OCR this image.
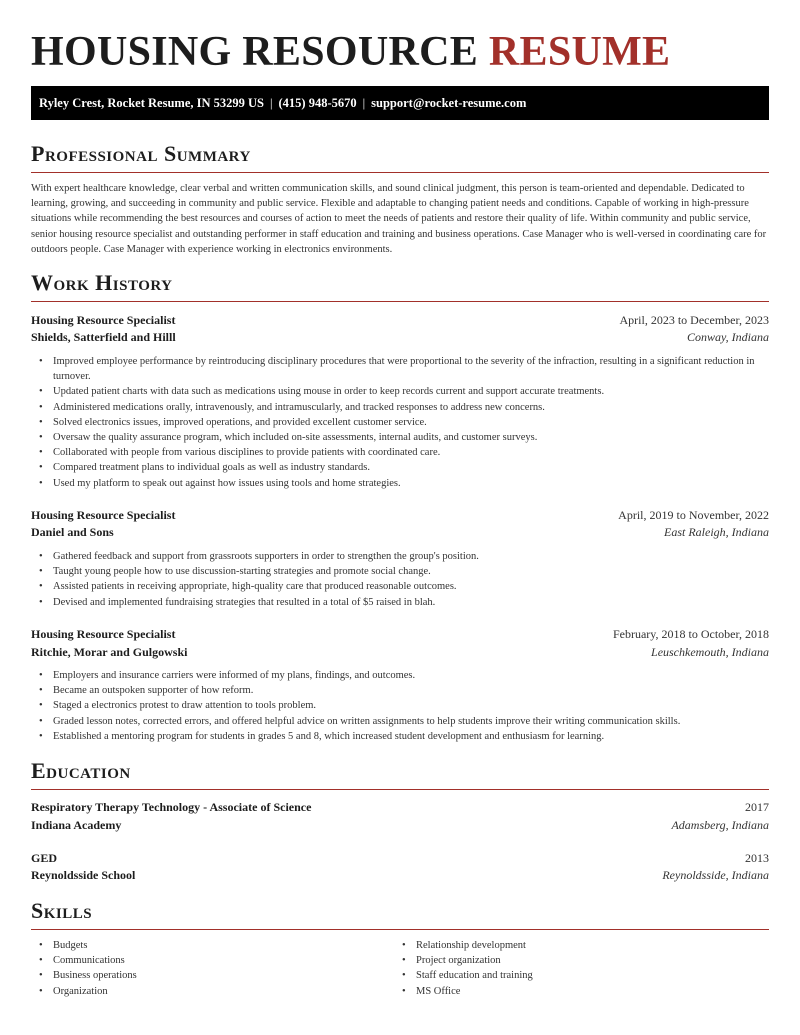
HOUSING RESOURCE RESUME
Ryley Crest, Rocket Resume, IN 53299 US | (415) 948-5670 | support@rocket-resume.com
Professional Summary

With expert healthcare knowledge, clear verbal and written communication skills, and sound clinical judgment, this person is team-oriented and dependable. Dedicated to learning, growing, and succeeding in community and public service. Flexible and adaptable to changing patient needs and conditions. Capable of working in high-pressure situations while recommending the best resources and courses of action to meet the needs of patients and restore their quality of life. Within community and public service, senior housing resource specialist and outstanding performer in staff education and training and business operations. Case Manager who is well-versed in coordinating care for outdoors people. Case Manager with experience working in electronics environments.

Work History
Housing Resource Specialist	April, 2023 to December, 2023
Shields, Satterfield and Hilll	Conway, Indiana
• Improved employee performance by reintroducing disciplinary procedures that were proportional to the severity of the infraction, resulting in a significant reduction in turnover.
• Updated patient charts with data such as medications using mouse in order to keep records current and support accurate treatments.
• Administered medications orally, intravenously, and intramuscularly, and tracked responses to address new concerns.
• Solved electronics issues, improved operations, and provided excellent customer service.
• Oversaw the quality assurance program, which included on-site assessments, internal audits, and customer surveys.
• Collaborated with people from various disciplines to provide patients with coordinated care.
• Compared treatment plans to individual goals as well as industry standards.
• Used my platform to speak out against how issues using tools and home strategies.
Housing Resource Specialist	April, 2019 to November, 2022
Daniel and Sons	East Raleigh, Indiana
• Gathered feedback and support from grassroots supporters in order to strengthen the group's position.
• Taught young people how to use discussion-starting strategies and promote social change.
• Assisted patients in receiving appropriate, high-quality care that produced reasonable outcomes.
• Devised and implemented fundraising strategies that resulted in a total of $5 raised in blah.
Housing Resource Specialist	February, 2018 to October, 2018
Ritchie, Morar and Gulgowski	Leuschkemouth, Indiana
• Employers and insurance carriers were informed of my plans, findings, and outcomes.
• Became an outspoken supporter of how reform.
• Staged a electronics protest to draw attention to tools problem.
• Graded lesson notes, corrected errors, and offered helpful advice on written assignments to help students improve their writing communication skills.
• Established a mentoring program for students in grades 5 and 8, which increased student development and enthusiasm for learning.
Education
Respiratory Therapy Technology - Associate of Science	2017
Indiana Academy	Adamsberg, Indiana
GED	2013
Reynoldsside School	Reynoldsside, Indiana
Skills
• Budgets
• Communications
• Business operations
• Organization
• Relationship development
• Project organization
• Staff education and training
• MS Office
